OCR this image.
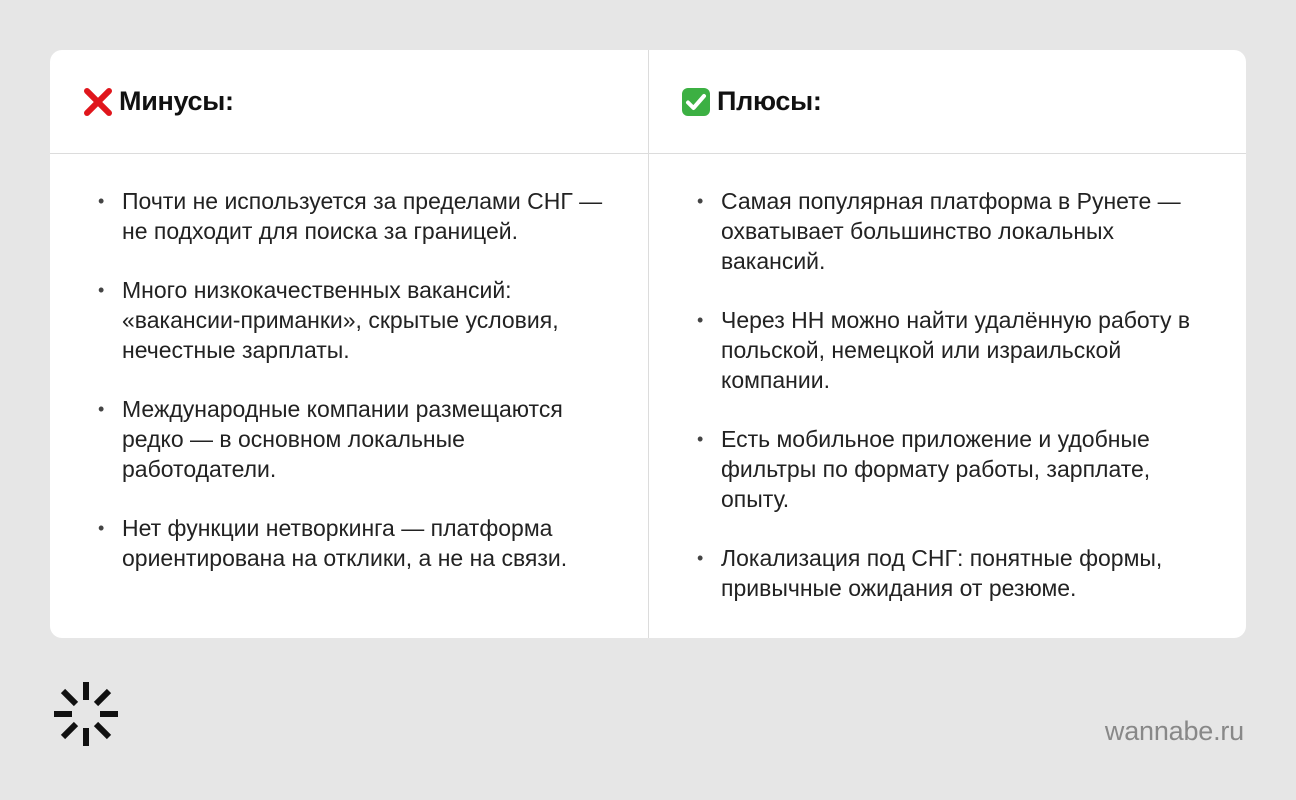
Минусы:
• Почти не используется за пределами СНГ — не подходит для поиска за границей.
• Много низкокачественных вакансий: «вакансии-приманки», скрытые условия, нечестные зарплаты.
• Международные компании размещаются редко — в основном локальные работодатели.
• Нет функции нетворкинга — платформа ориентирована на отклики, а не на связи.
Плюсы:
• Самая популярная платформа в Рунете — охватывает большинство локальных вакансий.
• Через HH можно найти удалённую работу в польской, немецкой или израильской компании.
• Есть мобильное приложение и удобные фильтры по формату работы, зарплате, опыту.
• Локализация под СНГ: понятные формы, привычные ожидания от резюме.
wannabe.ru
